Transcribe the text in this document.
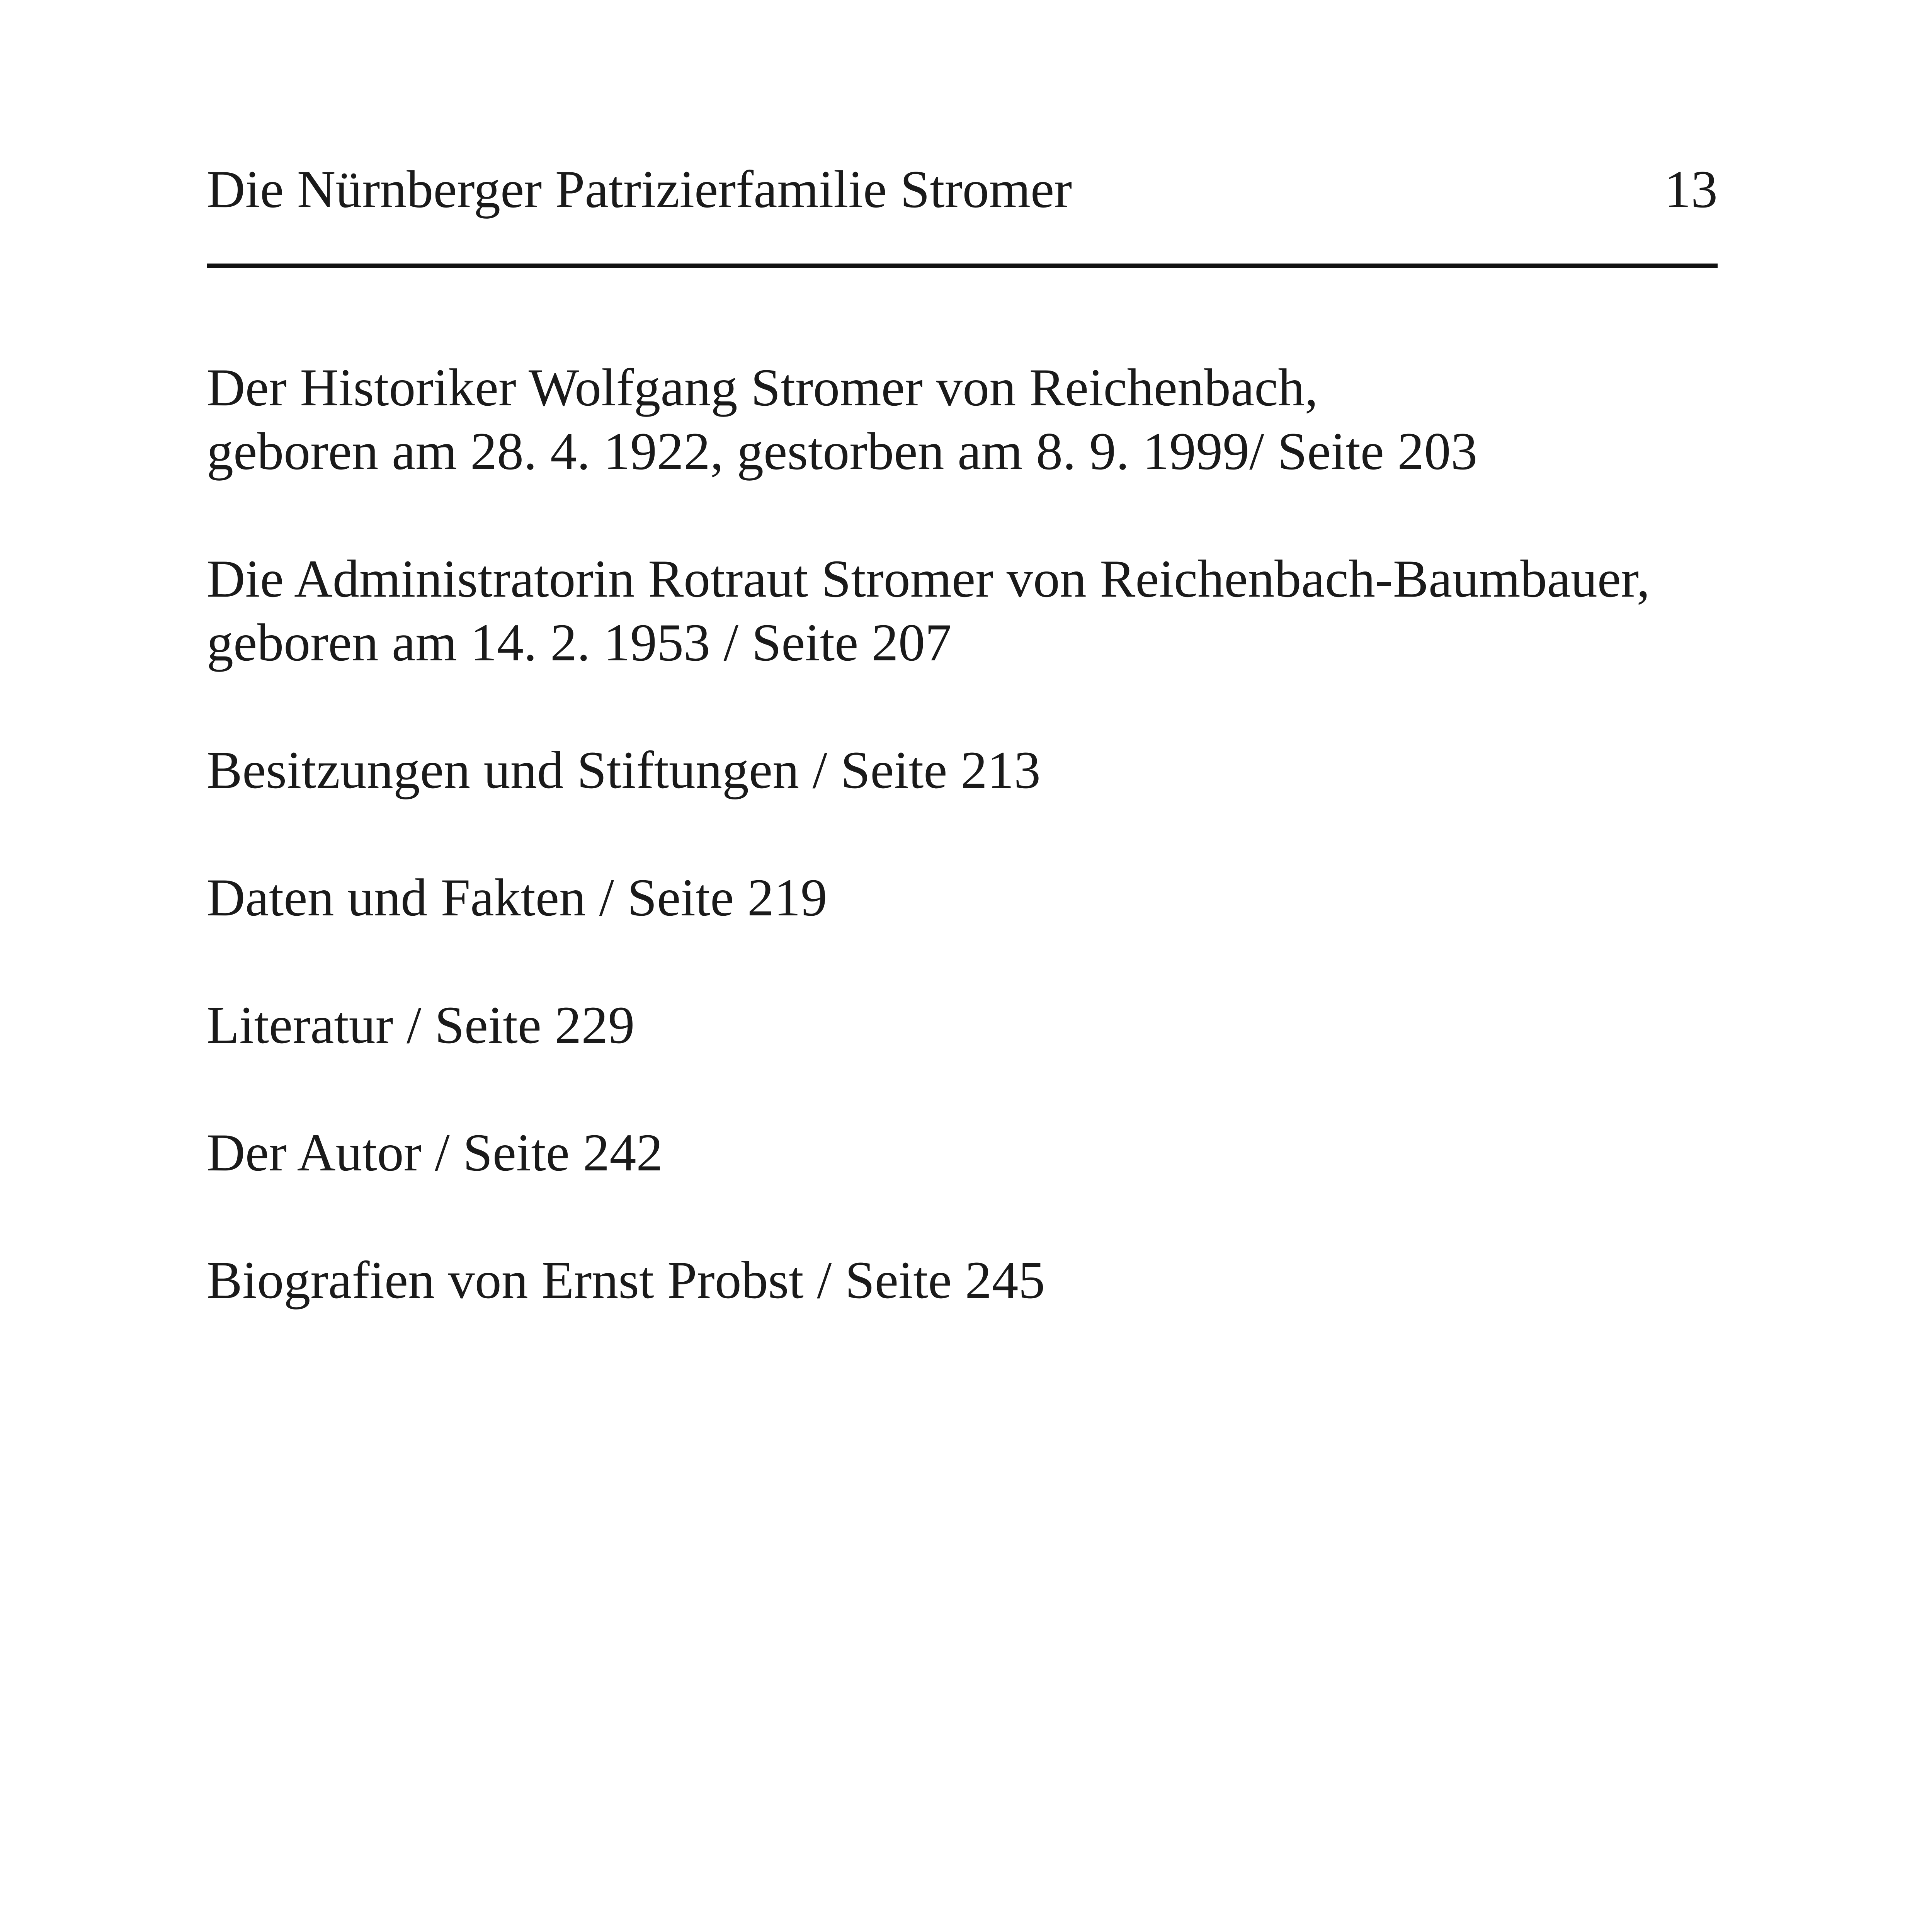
Die Nürnberger Patrizierfamilie Stromer	13
Der Historiker Wolfgang Stromer von Reichenbach,
geboren am 28. 4. 1922, gestorben am 8. 9. 1999/ Seite 203
Die Administratorin Rotraut Stromer von Reichenbach-Baumbauer,
geboren am 14. 2. 1953 / Seite 207
Besitzungen und Stiftungen / Seite 213
Daten und Fakten / Seite 219
Literatur / Seite 229
Der Autor / Seite 242
Biografien von Ernst Probst / Seite 245
